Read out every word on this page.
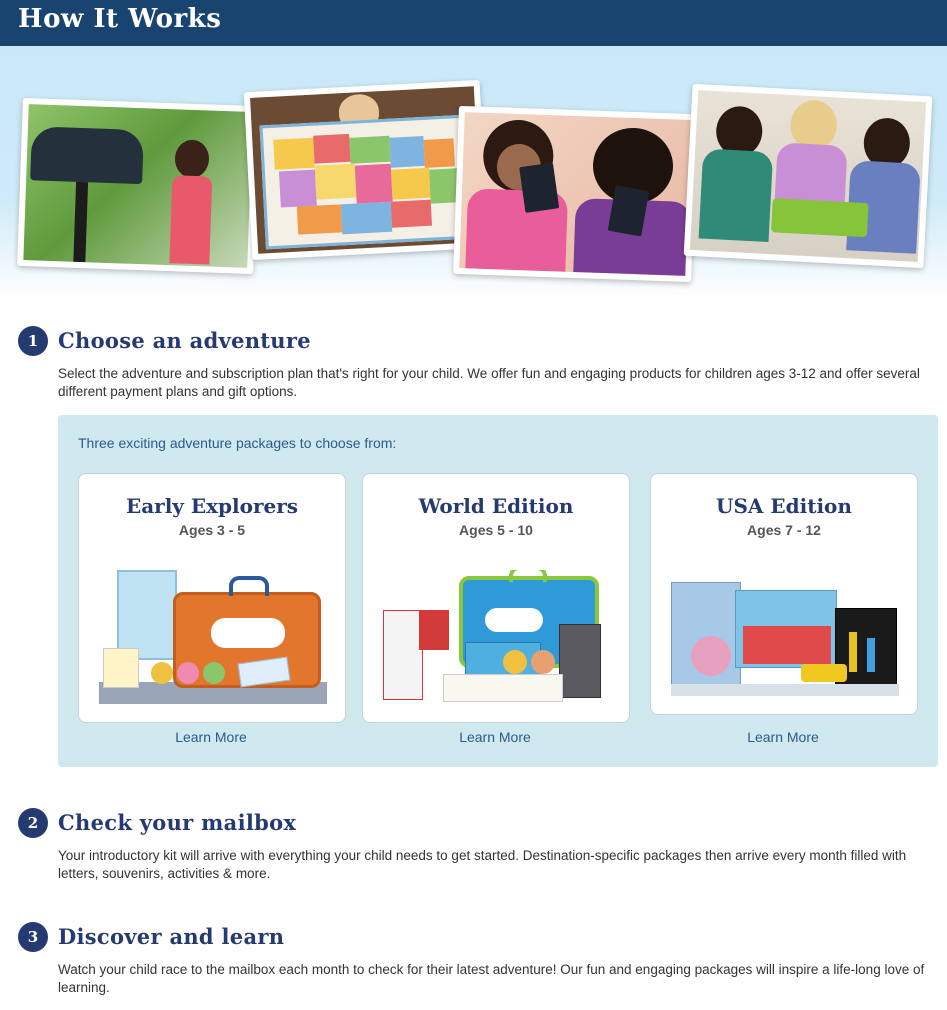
How It Works
1 Choose an adventure
Select the adventure and subscription plan that's right for your child. We offer fun and engaging products for children ages 3-12 and offer several different payment plans and gift options.
Three exciting adventure packages to choose from:
Early Explorers
Ages 3 - 5
Learn More
World Edition
Ages 5 - 10
Learn More
USA Edition
Ages 7 - 12
Learn More
2 Check your mailbox
Your introductory kit will arrive with everything your child needs to get started. Destination-specific packages then arrive every month filled with letters, souvenirs, activities & more.
3 Discover and learn
Watch your child race to the mailbox each month to check for their latest adventure! Our fun and engaging packages will inspire a life-long love of learning.
